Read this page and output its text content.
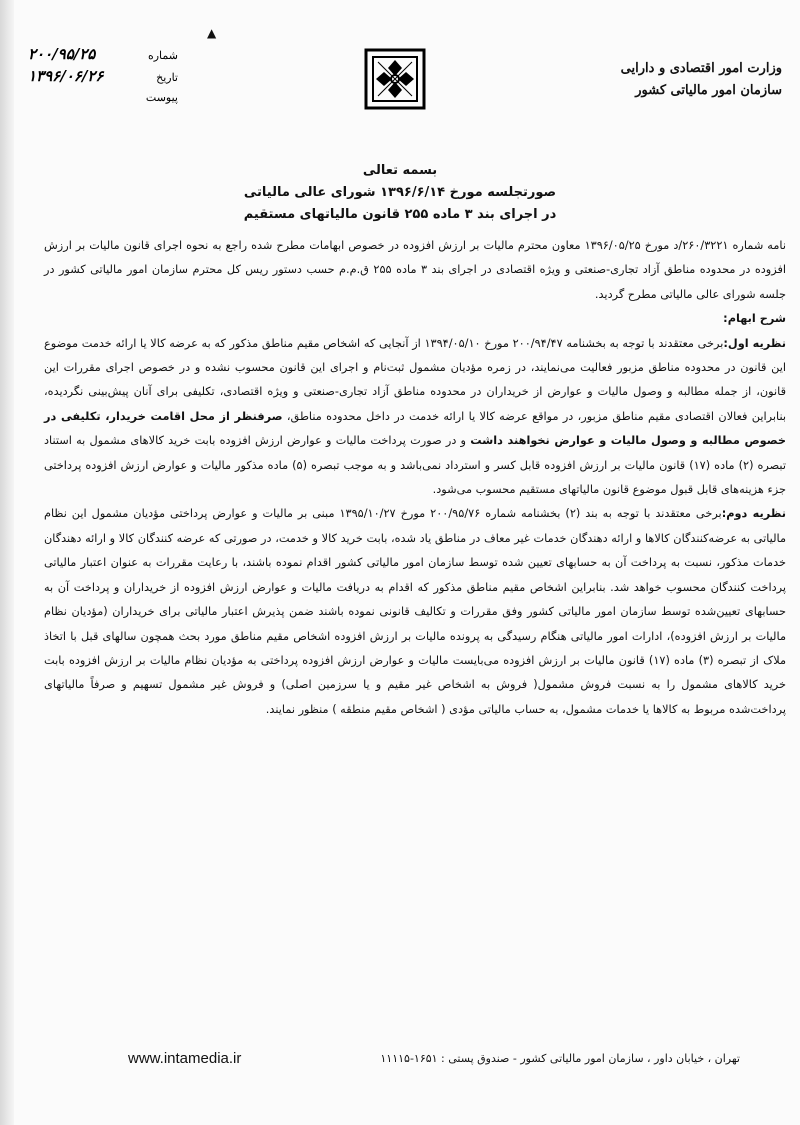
▲
شماره
۲۰۰/۹۵/۲۵
تاریخ
۱۳۹۶/۰۶/۲۶
پیوست
وزارت امور اقتصادی و دارایی
سازمان امور مالیاتی کشور
بسمه تعالی
صورتجلسه مورخ ۱۳۹۶/۶/۱۴ شورای عالی مالیاتی
در اجرای بند ۳ ماده ۲۵۵ قانون مالیاتهای مستقیم

نامه شماره ۲۶۰/۳۲۲۱/د مورخ ۱۳۹۶/۰۵/۲۵ معاون محترم مالیات بر ارزش افزوده در خصوص ابهامات مطرح شده راجع به نحوه اجرای قانون مالیات بر ارزش افزوده در محدوده مناطق آزاد تجاری-صنعتی و ویژه اقتصادی در اجرای بند ۳ ماده ۲۵۵ ق.م.م حسب دستور ریس کل محترم سازمان امور مالیاتی کشور در جلسه شورای عالی مالیاتی مطرح گردید.

شرح ابهام:

نظریه اول:برخی معتقدند با توجه به بخشنامه ۲۰۰/۹۴/۴۷ مورخ ۱۳۹۴/۰۵/۱۰ از آنجایی که اشخاص مقیم مناطق مذکور که به عرضه کالا یا ارائه خدمت موضوع این قانون در محدوده مناطق مزبور فعالیت می‌نمایند، در زمره مؤدیان مشمول ثبت‌نام و اجرای این قانون محسوب نشده و در خصوص اجرای مقررات این قانون، از جمله مطالبه و وصول مالیات و عوارض از خریداران در محدوده مناطق آزاد تجاری-صنعتی و ویژه اقتصادی، تکلیفی برای آنان پیش‌بینی نگردیده، بنابراین فعالان اقتصادی مقیم مناطق مزبور، در مواقع عرضه کالا یا ارائه خدمت در داخل محدوده مناطق، صرفنظر از محل اقامت خریدار، تکلیفی در خصوص مطالبه و وصول مالیات و عوارض نخواهند داشت و در صورت پرداخت مالیات و عوارض ارزش افزوده بابت خرید کالاهای مشمول به استناد تبصره (۲) ماده (۱۷) قانون مالیات بر ارزش افزوده قابل کسر و استرداد نمی‌باشد و به موجب تبصره (۵) ماده مذکور مالیات و عوارض ارزش افزوده پرداختی جزء هزینه‌های قابل قبول موضوع قانون مالیاتهای مستقیم محسوب می‌شود.

نظریه دوم:برخی معتقدند با توجه به بند (۲) بخشنامه شماره ۲۰۰/۹۵/۷۶ مورخ ۱۳۹۵/۱۰/۲۷ مبنی بر مالیات و عوارض پرداختی مؤدیان مشمول این نظام مالیاتی به عرضه‌کنندگان کالاها و ارائه دهندگان خدمات غیر معاف در مناطق یاد شده، بابت خرید کالا و خدمت، در صورتی که عرضه کنندگان کالا و ارائه دهندگان خدمات مذکور، نسبت به پرداخت آن به حسابهای تعیین شده توسط سازمان امور مالیاتی کشور اقدام نموده باشند، با رعایت مقررات به عنوان اعتبار مالیاتی پرداخت کنندگان محسوب خواهد شد. بنابراین اشخاص مقیم مناطق مذکور که اقدام به دریافت مالیات و عوارض ارزش افزوده از خریداران و پرداخت آن به حسابهای تعیین‌شده توسط سازمان امور مالیاتی کشور وفق مقررات و تکالیف قانونی نموده باشند ضمن پذیرش اعتبار مالیاتی برای خریداران (مؤدیان نظام مالیات بر ارزش افزوده)، ادارات امور مالیاتی هنگام رسیدگی به پرونده مالیات بر ارزش افزوده اشخاص مقیم مناطق مورد بحث همچون سالهای قبل با اتخاذ ملاک از تبصره (۳) ماده (۱۷) قانون مالیات بر ارزش افزوده می‌بایست مالیات و عوارض ارزش افزوده پرداختی به مؤدیان نظام مالیات بر ارزش افزوده بابت خرید کالاهای مشمول را به نسبت فروش مشمول( فروش به اشخاص غیر مقیم و یا سرزمین اصلی) و فروش غیر مشمول تسهیم و صرفاً مالیاتهای پرداخت‌شده مربوط به کالاها یا خدمات مشمول، به حساب مالیاتی مؤدی ( اشخاص مقیم منطقه ) منظور نمایند.

www.intamedia.ir	تهران ، خیابان داور ، سازمان امور مالیاتی کشور - صندوق پستی : ۱۶۵۱-۱۱۱۱۵
